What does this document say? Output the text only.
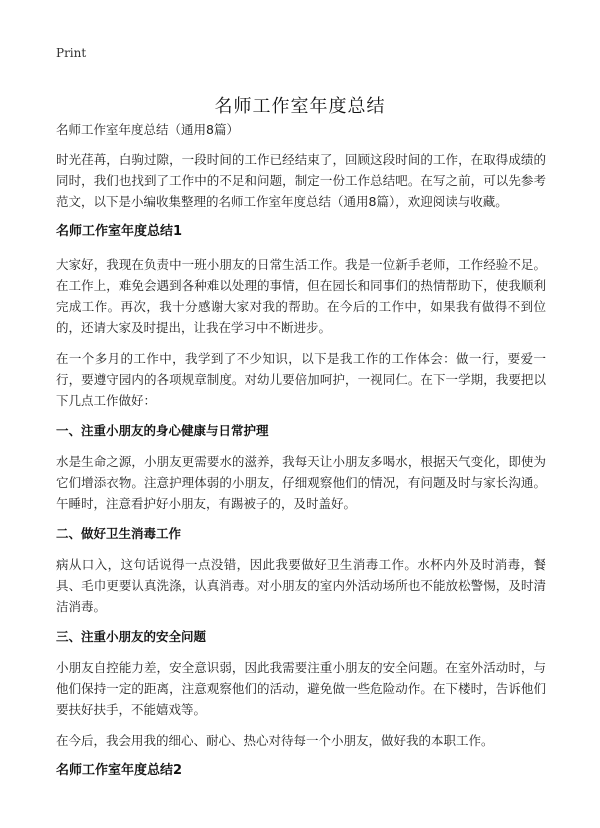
Print
名师工作室年度总结
名师工作室年度总结（通用8篇）

时光荏苒，白驹过隙，一段时间的工作已经结束了，回顾这段时间的工作，在取得成绩的同时，我们也找到了工作中的不足和问题，制定一份工作总结吧。在写之前，可以先参考范文，以下是小编收集整理的名师工作室年度总结（通用8篇），欢迎阅读与收藏。

名师工作室年度总结1

大家好，我现在负责中一班小朋友的日常生活工作。我是一位新手老师，工作经验不足。在工作上，难免会遇到各种难以处理的事情，但在园长和同事们的热情帮助下，使我顺利完成工作。再次，我十分感谢大家对我的帮助。在今后的工作中，如果我有做得不到位的，还请大家及时提出，让我在学习中不断进步。

在一个多月的工作中，我学到了不少知识，以下是我工作的工作体会：做一行，要爱一行，要遵守园内的各项规章制度。对幼儿要倍加呵护，一视同仁。在下一学期，我要把以下几点工作做好：

一、注重小朋友的身心健康与日常护理

水是生命之源，小朋友更需要水的滋养，我每天让小朋友多喝水，根据天气变化，即使为它们增添衣物。注意护理体弱的小朋友，仔细观察他们的情况，有问题及时与家长沟通。午睡时，注意看护好小朋友，有踢被子的，及时盖好。

二、做好卫生消毒工作

病从口入，这句话说得一点没错，因此我要做好卫生消毒工作。水杯内外及时消毒，餐具、毛巾更要认真洗涤，认真消毒。对小朋友的室内外活动场所也不能放松警惕，及时清洁消毒。

三、注重小朋友的安全问题

小朋友自控能力差，安全意识弱，因此我需要注重小朋友的安全问题。在室外活动时，与他们保持一定的距离，注意观察他们的活动，避免做一些危险动作。在下楼时，告诉他们要扶好扶手，不能嬉戏等。

在今后，我会用我的细心、耐心、热心对待每一个小朋友，做好我的本职工作。

名师工作室年度总结2
